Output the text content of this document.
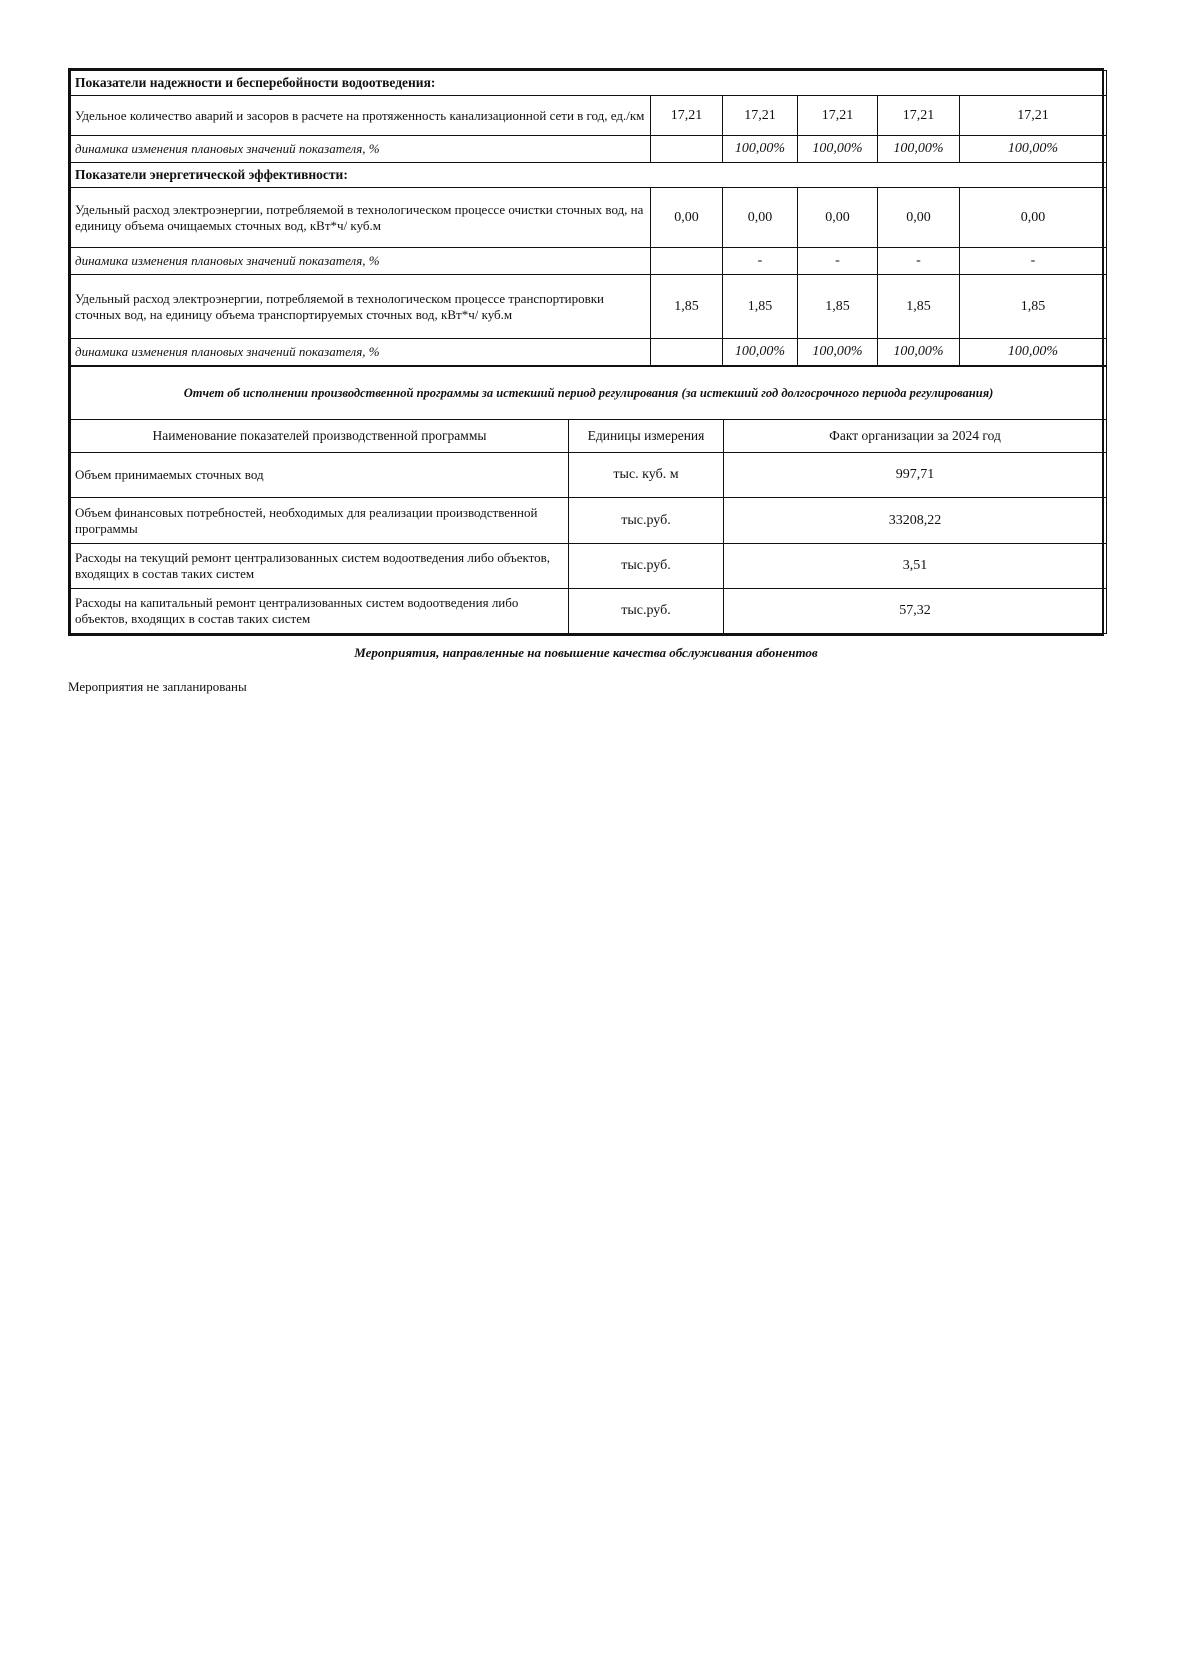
Показатели надежности и бесперебойности водоотведения:					
Удельное количество аварий и засоров в расчете на протяженность канализационной сети в год, ед./км	17,21	17,21	17,21	17,21	17,21
динамика изменения плановых значений показателя, %		100,00%	100,00%	100,00%	100,00%
Показатели энергетической эффективности:					
Удельный расход электроэнергии, потребляемой в технологическом процессе очистки сточных вод, на единицу объема очищаемых сточных вод, кВт*ч/ куб.м	0,00	0,00	0,00	0,00	0,00
динамика изменения плановых значений показателя, %		-	-	-	-
Удельный расход электроэнергии, потребляемой в технологическом процессе транспортировки сточных вод, на единицу объема транспортируемых сточных вод, кВт*ч/ куб.м	1,85	1,85	1,85	1,85	1,85
динамика изменения плановых значений показателя, %		100,00%	100,00%	100,00%	100,00%
Отчет об исполнении производственной программы за истекший период регулирования (за истекший год долгосрочного периода регулирования)		
Наименование показателей производственной программы	Единицы измерения	Факт организации за 2024 год
Объем принимаемых сточных вод	тыс. куб. м	997,71
Объем финансовых потребностей, необходимых для реализации производственной программы	тыс.руб.	33208,22
Расходы на текущий ремонт централизованных систем водоотведения либо объектов, входящих в состав таких систем	тыс.руб.	3,51
Расходы на капитальный ремонт централизованных систем водоотведения либо объектов, входящих в состав таких систем	тыс.руб.	57,32
Мероприятия, направленные на повышение качества обслуживания абонентов
Мероприятия не запланированы
